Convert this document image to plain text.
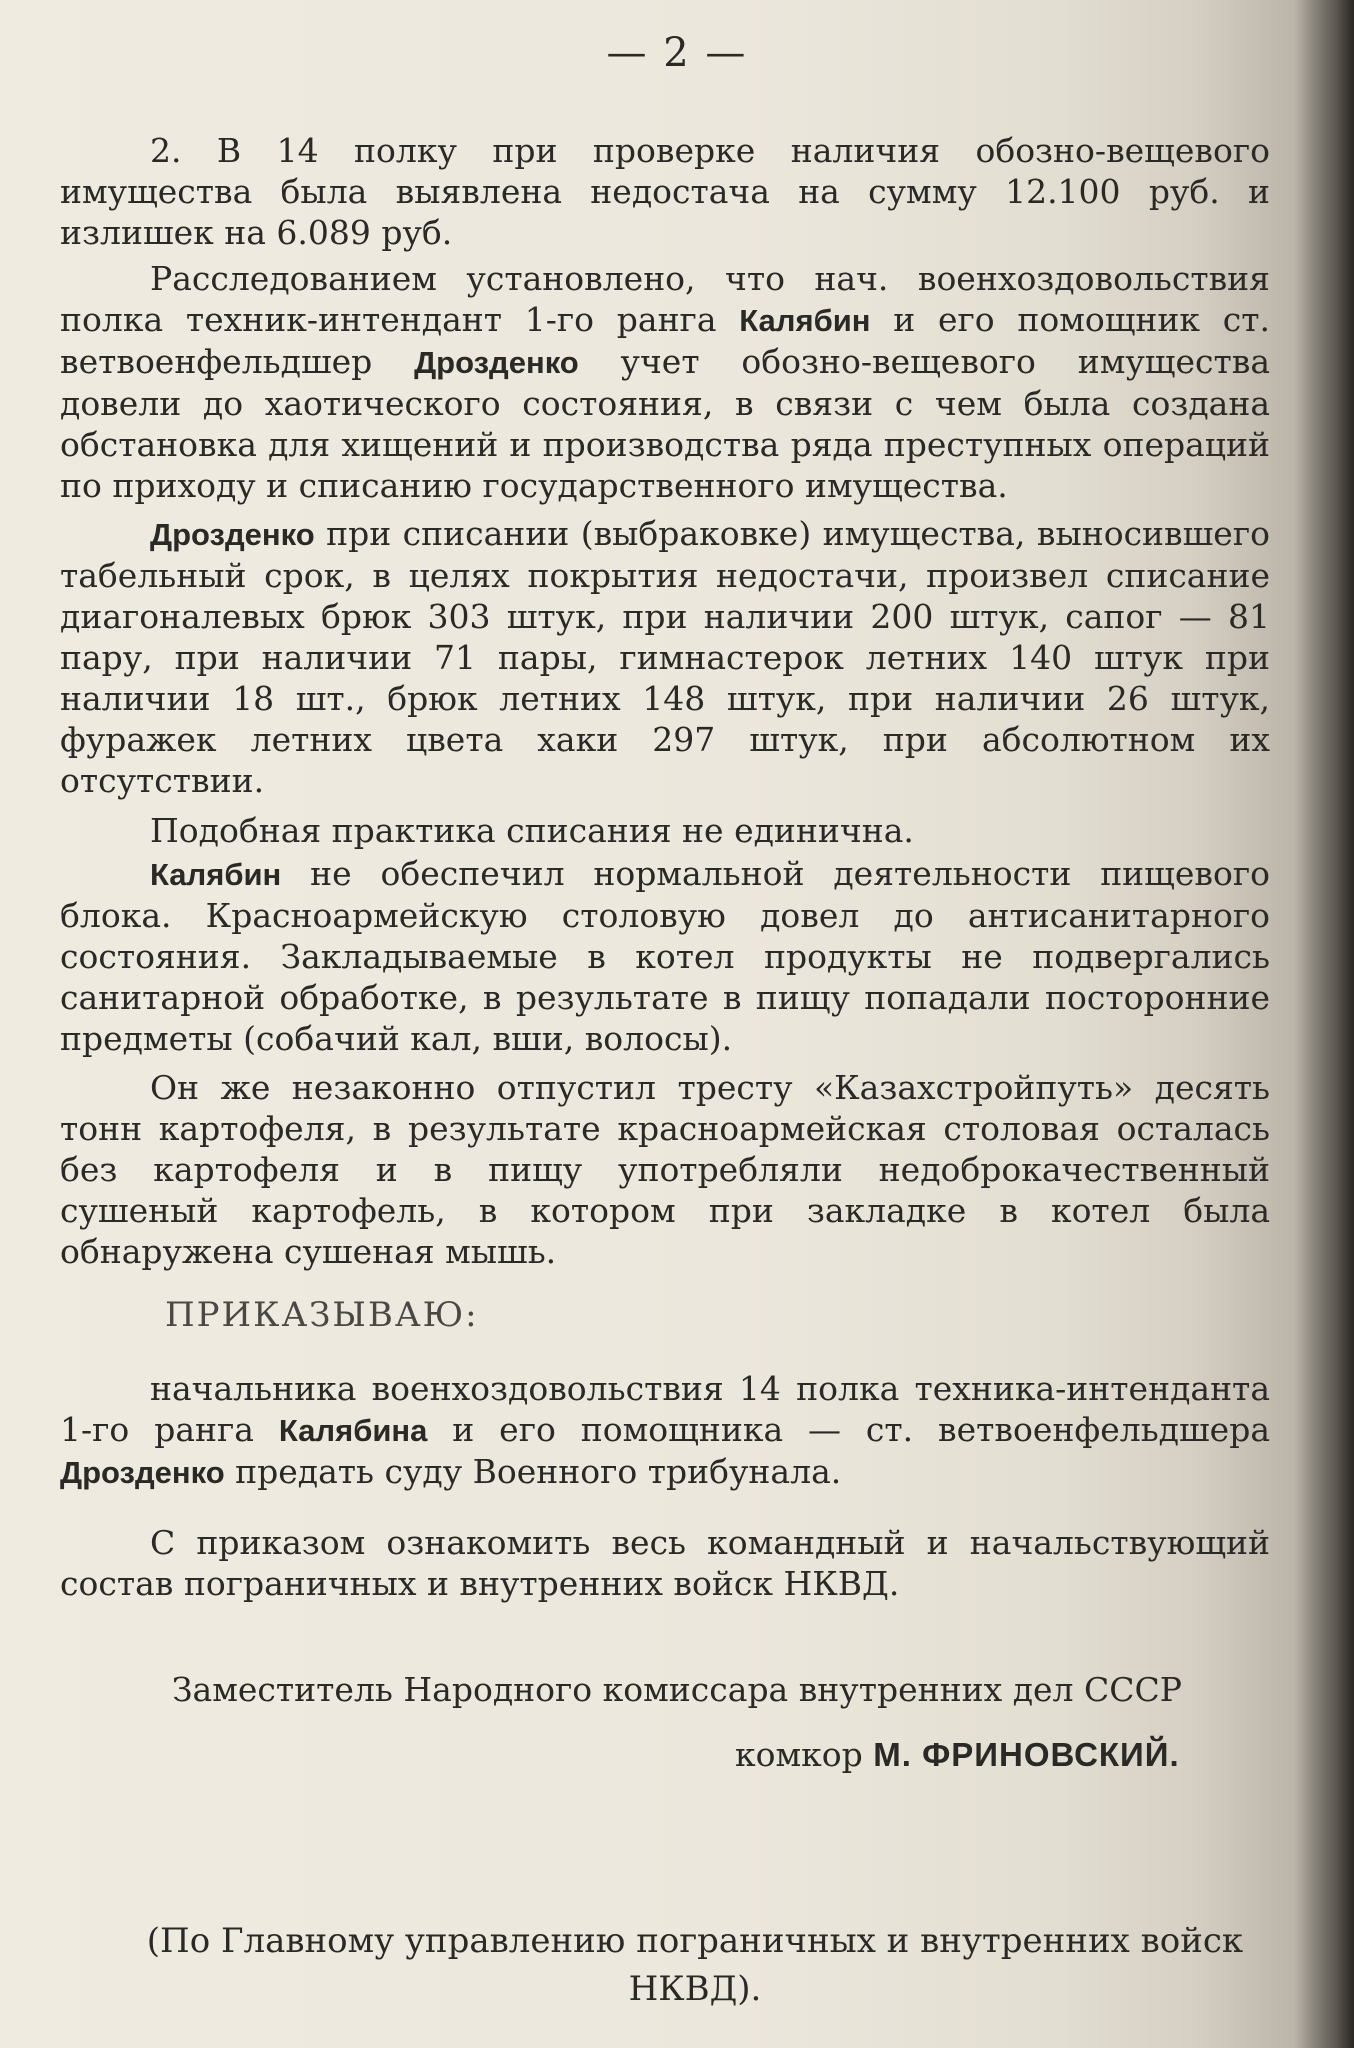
— 2 —

2. В 14 полку при проверке наличия обозно-вещевого имущества была выявлена недостача на сумму 12.100 руб. и излишек на 6.089 руб.

Расследованием установлено, что нач. военхоздовольствия полка техник-интендант 1-го ранга Калябин и его помощник ст. ветвоенфельдшер Дрозденко учет обозно-вещевого имущества довели до хаотического состояния, в связи с чем была создана обстановка для хищений и производства ряда преступных операций по приходу и списанию государственного имущества.

Дрозденко при списании (выбраковке) имущества, выносившего табельный срок, в целях покрытия недостачи, произвел списание диагоналевых брюк 303 штук, при наличии 200 штук, сапог — 81 пару, при наличии 71 пары, гимнастерок летних 140 штук при наличии 18 шт., брюк летних 148 штук, при наличии 26 штук, фуражек летних цвета хаки 297 штук, при абсолютном их отсутствии.

Подобная практика списания не единична.

Калябин не обеспечил нормальной деятельности пищевого блока. Красноармейскую столовую довел до антисанитарного состояния. Закладываемые в котел продукты не подвергались санитарной обработке, в результате в пищу попадали посторонние предметы (собачий кал, вши, волосы).

Он же незаконно отпустил тресту «Казахстройпуть» десять тонн картофеля, в результате красноармейская столовая осталась без картофеля и в пищу употребляли недоброкачественный сушеный картофель, в котором при закладке в котел была обнаружена сушеная мышь.

ПРИКАЗЫВАЮ:

начальника военхоздовольствия 14 полка техника-интенданта 1-го ранга Калябина и его помощника — ст. ветвоенфельдшера Дрозденко предать суду Военного трибунала.

С приказом ознакомить весь командный и начальствующий состав пограничных и внутренних войск НКВД.

Заместитель Народного комиссара внутренних дел СССР
комкор М. ФРИНОВСКИЙ.
(По Главному управлению пограничных и внутренних войск НКВД).
